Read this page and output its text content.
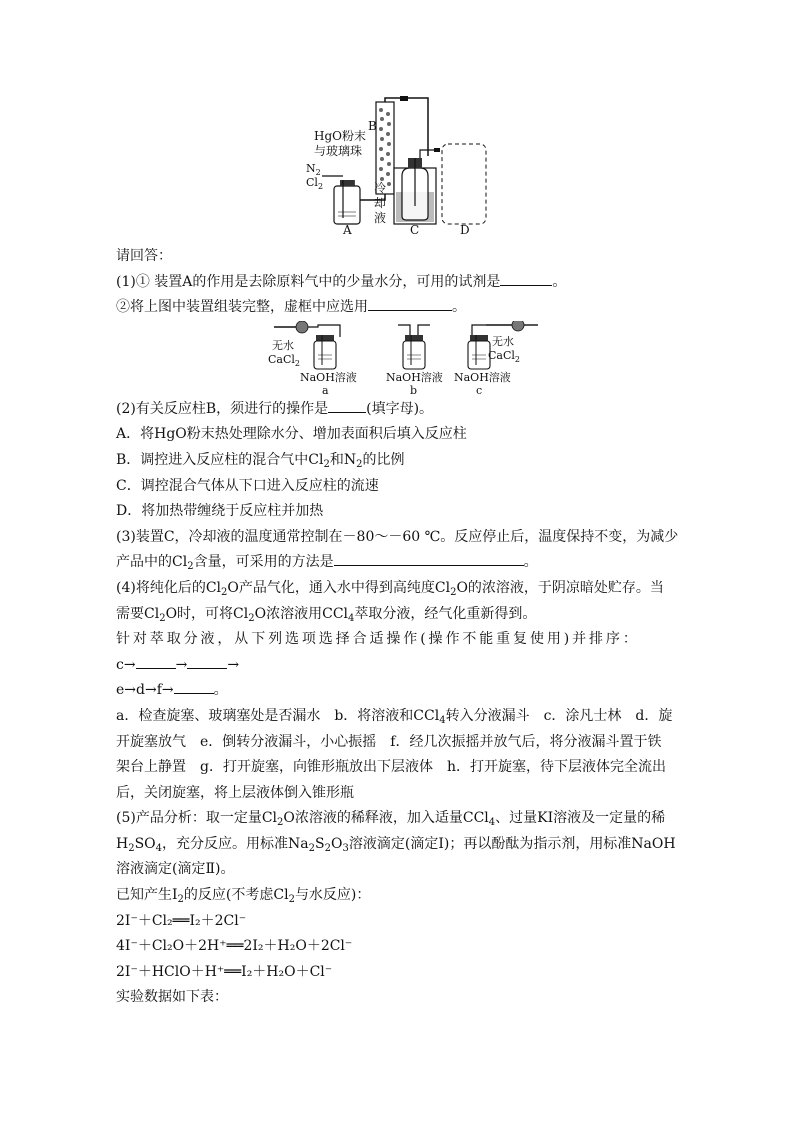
HgO粉末
与玻璃珠
B
$N_2$
$Cl_2$	冷
却
液
A	C	D
请回答：
(1)① 装置A的作用是去除原料气中的少量水分，可用的试剂是	。
②将上图中装置组装完整，虚框中应选用	。
无水
CaCl$_2$
无水
CaCl$_2$
NaOH溶液	NaOH溶液 NaOH溶液
a	b	c
(2)有关反应柱B，须进行的操作是	(填字母)。
A．将HgO粉末热处理除水分、增加表面积后填入反应柱
B．调控进入反应柱的混合气中$Cl_2$和$N_2$的比例
C．调控混合气体从下口进入反应柱的流速
D．将加热带缠绕于反应柱并加热
(3)装置C，冷却液的温度通常控制在－80～－60 ℃。反应停止后，温度保持不变，为减少
产品中的$Cl_2$含量，可采用的方法是	。
(4)将纯化后的$Cl_2O$产品气化，通入水中得到高纯度$Cl_2O$的浓溶液，于阴凉暗处贮存。当
需要$Cl_2O$时，可将$Cl_2O$浓溶液用CCl$_4$萃取分液，经气化重新得到。
针对萃取分液，从下列选项选择合适操作(操作不能重复使用)并排序：
c→	→	→
e→d→f→	。
a．检查旋塞、玻璃塞处是否漏水　b．将溶液和CCl$_4$转入分液漏斗　c．涂凡士林　d．旋
开旋塞放气　e．倒转分液漏斗，小心振摇　f．经几次振摇并放气后，将分液漏斗置于铁
架台上静置　g．打开旋塞，向锥形瓶放出下层液体　h．打开旋塞，待下层液体完全流出
后，关闭旋塞，将上层液体倒入锥形瓶
(5)产品分析：取一定量$Cl_2O$浓溶液的稀释液，加入适量CCl$_4$、过量KI溶液及一定量的稀
$H_2SO_4$，充分反应。用标准$Na_2S_2O_3$溶液滴定(滴定Ⅰ)；再以酚酞为指示剂，用标准NaOH
溶液滴定(滴定Ⅱ)。
已知产生$I_2$的反应(不考虑$Cl_2$与水反应)：
2I⁻＋Cl₂══I₂＋2Cl⁻
4I⁻＋Cl₂O＋2H⁺══2I₂＋H₂O＋2Cl⁻
2I⁻＋HClO＋H⁺══I₂＋H₂O＋Cl⁻
实验数据如下表：
